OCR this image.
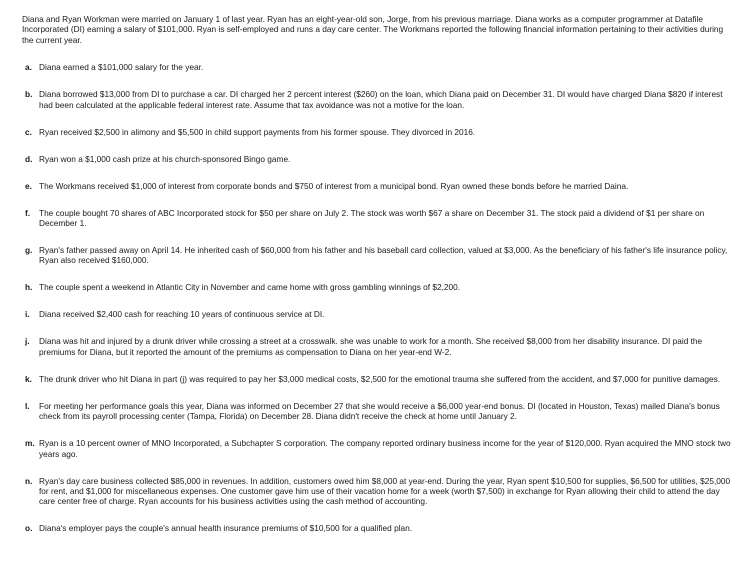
Diana and Ryan Workman were married on January 1 of last year. Ryan has an eight-year-old son, Jorge, from his previous marriage. Diana works as a computer programmer at Datafile Incorporated (DI) earning a salary of $101,000. Ryan is self-employed and runs a day care center. The Workmans reported the following financial information pertaining to their activities during the current year.

a. Diana earned a $101,000 salary for the year.
b. Diana borrowed $13,000 from DI to purchase a car. DI charged her 2 percent interest ($260) on the loan, which Diana paid on December 31. DI would have charged Diana $820 if interest had been calculated at the applicable federal interest rate. Assume that tax avoidance was not a motive for the loan.
c. Ryan received $2,500 in alimony and $5,500 in child support payments from his former spouse. They divorced in 2016.
d. Ryan won a $1,000 cash prize at his church-sponsored Bingo game.
e. The Workmans received $1,000 of interest from corporate bonds and $750 of interest from a municipal bond. Ryan owned these bonds before he married Daina.
f.	The couple bought 70 shares of ABC Incorporated stock for $50 per share on July 2. The stock was worth $67 a share on December 31. The stock paid a dividend of $1 per share on December 1.
g. Ryan's father passed away on April 14. He inherited cash of $60,000 from his father and his baseball card collection, valued at $3,000. As the beneficiary of his father's life insurance policy, Ryan also received $160,000.
h. The couple spent a weekend in Atlantic City in November and came home with gross gambling winnings of $2,200.
i.	Diana received $2,400 cash for reaching 10 years of continuous service at DI.
j.	Diana was hit and injured by a drunk driver while crossing a street at a crosswalk. she was unable to work for a month. She received $8,000 from her disability insurance. DI paid the premiums for Diana, but it reported the amount of the premiums as compensation to Diana on her year-end W-2.
k. The drunk driver who hit Diana in part (j) was required to pay her $3,000 medical costs, $2,500 for the emotional trauma she suffered from the accident, and $7,000 for punitive damages.
l.	For meeting her performance goals this year, Diana was informed on December 27 that she would receive a $6,000 year-end bonus. DI (located in Houston, Texas) mailed Diana's bonus check from its payroll processing center (Tampa, Florida) on December 28. Diana didn't receive the check at home until January 2.
m. Ryan is a 10 percent owner of MNO Incorporated, a Subchapter S corporation. The company reported ordinary business income for the year of $120,000. Ryan acquired the MNO stock two years ago.
n. Ryan's day care business collected $85,000 in revenues. In addition, customers owed him $8,000 at year-end. During the year, Ryan spent $10,500 for supplies, $6,500 for utilities, $25,000 for rent, and $1,000 for miscellaneous expenses. One customer gave him use of their vacation home for a week (worth $7,500) in exchange for Ryan allowing their child to attend the day care center free of charge. Ryan accounts for his business activities using the cash method of accounting.
o. Diana's employer pays the couple's annual health insurance premiums of $10,500 for a qualified plan.
